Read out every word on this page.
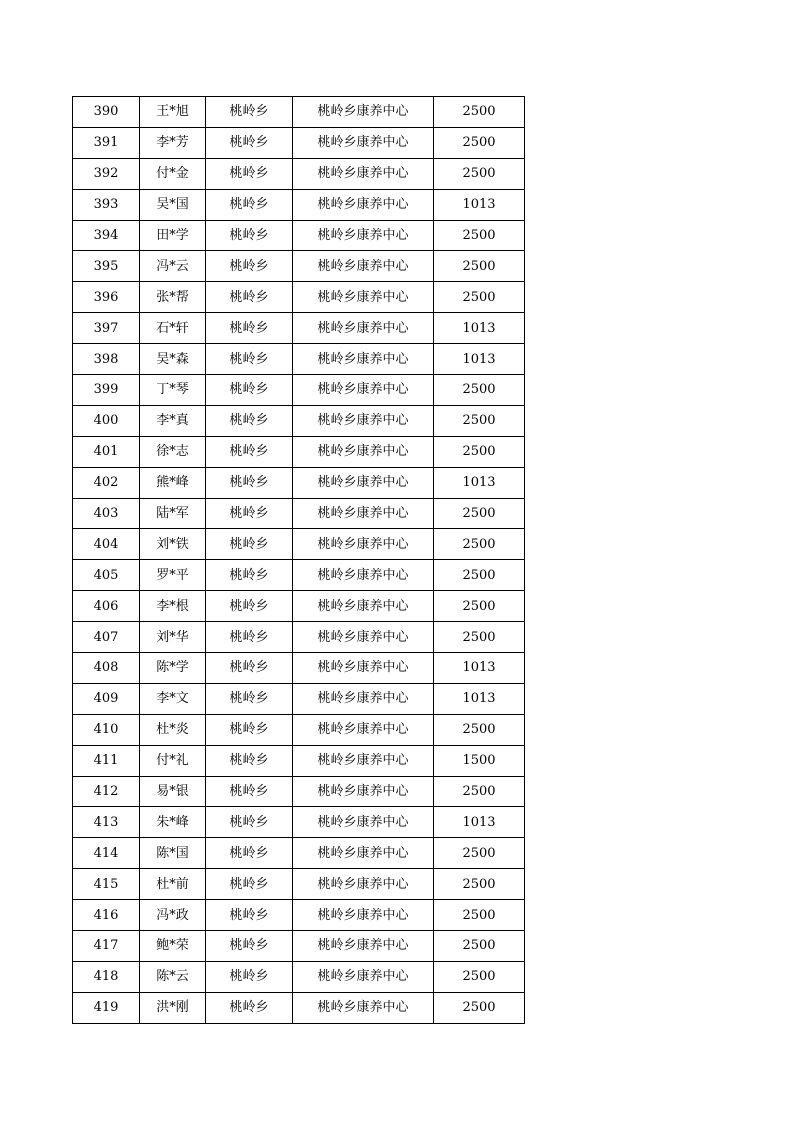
390	王*旭	桃岭乡	桃岭乡康养中心	2500
391	李*芳	桃岭乡	桃岭乡康养中心	2500
392	付*金	桃岭乡	桃岭乡康养中心	2500
393	吴*国	桃岭乡	桃岭乡康养中心	1013
394	田*学	桃岭乡	桃岭乡康养中心	2500
395	冯*云	桃岭乡	桃岭乡康养中心	2500
396	张*帮	桃岭乡	桃岭乡康养中心	2500
397	石*轩	桃岭乡	桃岭乡康养中心	1013
398	吴*森	桃岭乡	桃岭乡康养中心	1013
399	丁*琴	桃岭乡	桃岭乡康养中心	2500
400	李*真	桃岭乡	桃岭乡康养中心	2500
401	徐*志	桃岭乡	桃岭乡康养中心	2500
402	熊*峰	桃岭乡	桃岭乡康养中心	1013
403	陆*军	桃岭乡	桃岭乡康养中心	2500
404	刘*铁	桃岭乡	桃岭乡康养中心	2500
405	罗*平	桃岭乡	桃岭乡康养中心	2500
406	李*根	桃岭乡	桃岭乡康养中心	2500
407	刘*华	桃岭乡	桃岭乡康养中心	2500
408	陈*学	桃岭乡	桃岭乡康养中心	1013
409	李*文	桃岭乡	桃岭乡康养中心	1013
410	杜*炎	桃岭乡	桃岭乡康养中心	2500
411	付*礼	桃岭乡	桃岭乡康养中心	1500
412	易*银	桃岭乡	桃岭乡康养中心	2500
413	朱*峰	桃岭乡	桃岭乡康养中心	1013
414	陈*国	桃岭乡	桃岭乡康养中心	2500
415	杜*前	桃岭乡	桃岭乡康养中心	2500
416	冯*政	桃岭乡	桃岭乡康养中心	2500
417	鲍*荣	桃岭乡	桃岭乡康养中心	2500
418	陈*云	桃岭乡	桃岭乡康养中心	2500
419	洪*刚	桃岭乡	桃岭乡康养中心	2500
